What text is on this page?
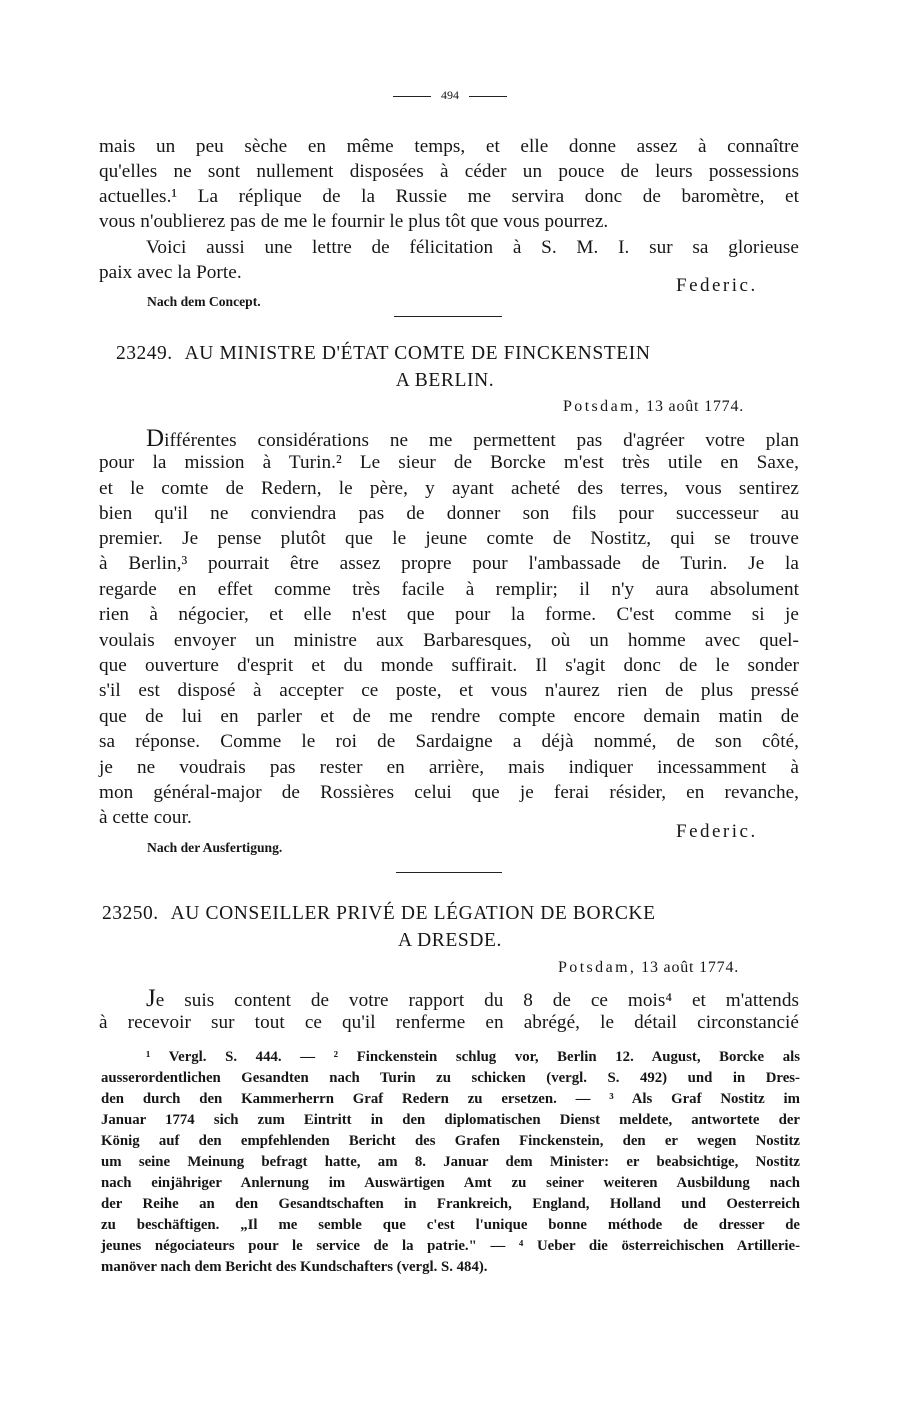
494
mais un peu sèche en même temps, et elle donne assez à connaître
qu'elles ne sont nullement disposées à céder un pouce de leurs possessions
actuelles.¹ La réplique de la Russie me servira donc de baromètre, et
vous n'oublierez pas de me le fournir le plus tôt que vous pourrez.
Voici aussi une lettre de félicitation à S. M. I. sur sa glorieuse
paix avec la Porte.
Federic.
Nach dem Concept.
23249. AU MINISTRE D'ÉTAT COMTE DE FINCKENSTEIN
A BERLIN.
Potsdam, 13 août 1774.
Différentes considérations ne me permettent pas d'agréer votre plan
pour la mission à Turin.² Le sieur de Borcke m'est très utile en Saxe,
et le comte de Redern, le père, y ayant acheté des terres, vous sentirez
bien qu'il ne conviendra pas de donner son fils pour successeur au
premier. Je pense plutôt que le jeune comte de Nostitz, qui se trouve
à Berlin,³ pourrait être assez propre pour l'ambassade de Turin. Je la
regarde en effet comme très facile à remplir; il n'y aura absolument
rien à négocier, et elle n'est que pour la forme. C'est comme si je
voulais envoyer un ministre aux Barbaresques, où un homme avec quel-
que ouverture d'esprit et du monde suffirait. Il s'agit donc de le sonder
s'il est disposé à accepter ce poste, et vous n'aurez rien de plus pressé
que de lui en parler et de me rendre compte encore demain matin de
sa réponse. Comme le roi de Sardaigne a déjà nommé, de son côté,
je ne voudrais pas rester en arrière, mais indiquer incessamment à
mon général-major de Rossières celui que je ferai résider, en revanche,
à cette cour.
Federic.
Nach der Ausfertigung.
23250. AU CONSEILLER PRIVÉ DE LÉGATION DE BORCKE
A DRESDE.
Potsdam, 13 août 1774.
Je suis content de votre rapport du 8 de ce mois⁴ et m'attends
à recevoir sur tout ce qu'il renferme en abrégé, le détail circonstancié
¹ Vergl. S. 444. — ² Finckenstein schlug vor, Berlin 12. August, Borcke als
ausserordentlichen Gesandten nach Turin zu schicken (vergl. S. 492) und in Dres-
den durch den Kammerherrn Graf Redern zu ersetzen. — ³ Als Graf Nostitz im
Januar 1774 sich zum Eintritt in den diplomatischen Dienst meldete, antwortete der
König auf den empfehlenden Bericht des Grafen Finckenstein, den er wegen Nostitz
um seine Meinung befragt hatte, am 8. Januar dem Minister: er beabsichtige, Nostitz
nach einjähriger Anlernung im Auswärtigen Amt zu seiner weiteren Ausbildung nach
der Reihe an den Gesandtschaften in Frankreich, England, Holland und Oesterreich
zu beschäftigen. „Il me semble que c'est l'unique bonne méthode de dresser de
jeunes négociateurs pour le service de la patrie." — ⁴ Ueber die österreichischen Artillerie-
manöver nach dem Bericht des Kundschafters (vergl. S. 484).
